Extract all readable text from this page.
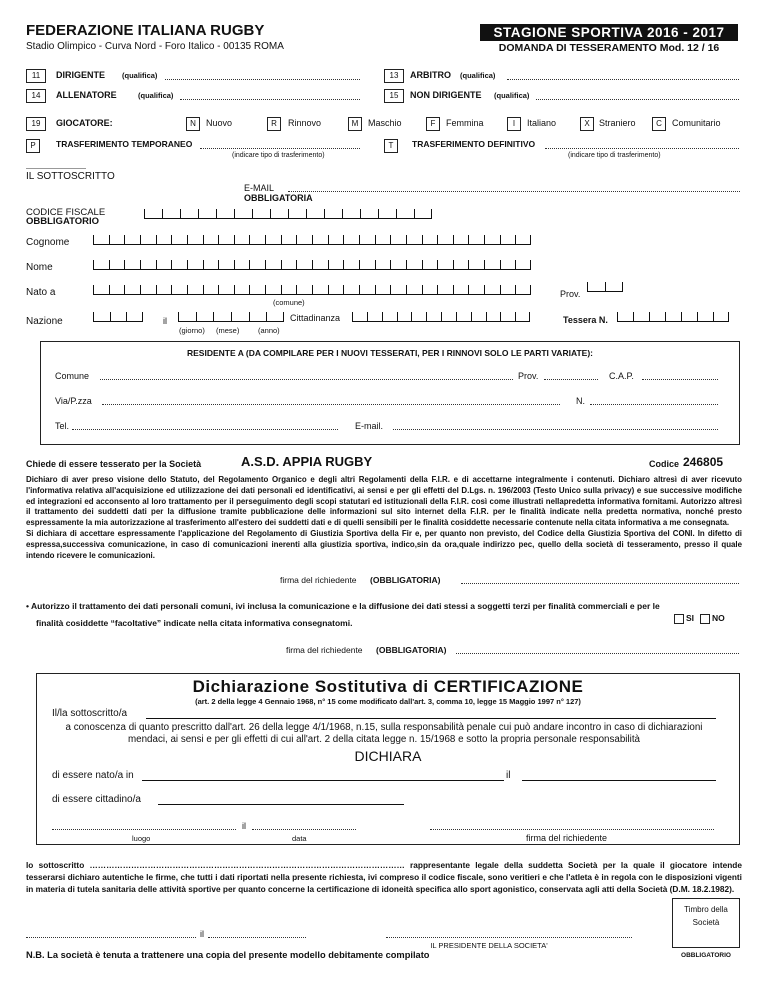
FEDERAZIONE ITALIANA RUGBY
Stadio Olimpico - Curva Nord - Foro Italico - 00135 ROMA
STAGIONE SPORTIVA 2016 - 2017
DOMANDA DI TESSERAMENTO Mod. 12 / 16
11	DIRIGENTE (qualifica)	13	ARBITRO (qualifica)
14	ALLENATORE	(qualifica)	15	NON DIRIGENTE (qualifica)
19	GIOCATORE:	N	Nuovo	R	Rinnovo	M	Maschio	F	Femmina	I	Italiano	X	Straniero	C	Comunitario
P	TRASFERIMENTO TEMPORANEO
(indicare tipo di trasferimento)
T	TRASFERIMENTO DEFINITIVO
(indicare tipo di trasferimento)
IL SOTTOSCRITTO
E-MAIL
OBBLIGATORIA
CODICE FISCALE
OBBLIGATORIO
Cognome
Nome
Nato a	Prov.
(comune)
Nazione	il	Cittadinanza	Tessera N.
(giorno) (mese) (anno)
RESIDENTE A (DA COMPILARE PER I NUOVI TESSERATI, PER I RINNOVI SOLO LE PARTI VARIATE):
Comune	Prov.	C.A.P.
Via/P.zza	N.
Tel.	E-mail.
Chiede di essere tesserato per la Società	A.S.D. APPIA RUGBY	Codice 246805
Dichiaro di aver preso visione dello Statuto, del Regolamento Organico e degli altri Regolamenti della F.I.R. e di accettarne integralmente i contenuti. Dichiaro altresì di aver ricevuto l'informativa relativa all'acquisizione ed utilizzazione dei dati personali ed identificativi, ai sensi e per gli effetti del D.Lgs. n. 196/2003 (Testo Unico sulla privacy) e sue successive modifiche ed integrazioni ed acconsento al loro trattamento per il perseguimento degli scopi statutari ed istituzionali della F.I.R. così come illustrati nellapredetta informativa fornitami. Autorizzo altresì il trattamento dei suddetti dati per la diffusione tramite pubblicazione delle informazioni sul sito internet della F.I.R. per le finalità indicate nella predetta normativa, nonché presto espressamente la mia autorizzazione al trasferimento all'estero dei suddetti dati e di quelli sensibili per le finalità cosiddette necessarie contenute nella citata informativa a me consegnata.
Si dichiara di accettare espressamente l'applicazione del Regolamento di Giustizia Sportiva della Fir e, per quanto non previsto, del Codice della Giustizia Sportiva del CONI. In difetto di espressa,successiva comunicazione, in caso di comunicazioni inerenti alla giustizia sportiva, indico,sin da ora,quale indirizzo pec, quello della società di tesseramento, presso il quale intendo ricevere le comunicazioni.
firma del richiedente (OBBLIGATORIA)
• Autorizzo il trattamento dei dati personali comuni, ivi inclusa la comunicazione e la diffusione dei dati stessi a soggetti terzi per finalità commerciali e per le
finalità cosiddette “facoltative” indicate nella citata informativa consegnatomi.	SI NO
firma del richiedente (OBBLIGATORIA)
Dichiarazione Sostitutiva di CERTIFICAZIONE
(art. 2 della legge 4 Gennaio 1968, n° 15 come modificato dall'art. 3, comma 10, legge 15 Maggio 1997 n° 127)
Il/la sottoscritto/a
a conoscenza di quanto prescritto dall'art. 26 della legge 4/1/1968, n.15, sulla responsabilità penale cui può andare incontro in caso di dichiarazioni mendaci, ai sensi e per gli effetti di cui all'art. 2 della citata legge n. 15/1968 e sotto la propria personale responsabilità
DICHIARA
di essere nato/a in	il
di essere cittadino/a
il
luogo	data	firma del richiedente
lo sottoscritto …………………………………………………………………………………………………… rappresentante legale della suddetta Società per la quale il giocatore intende tesserarsi dichiaro autentiche le firme, che tutti i dati riportati nella presente richiesta, ivi compreso il codice fiscale, sono veritieri e che l'atleta è in regola con le disposizioni vigenti in materia di tutela sanitaria delle attività sportive per quanto concerne la certificazione di idoneità specifica allo sport agonistico, conservata agli atti della Società (D.M. 18.2.1982).
il
IL PRESIDENTE DELLA SOCIETA'
Timbro della Società
OBBLIGATORIO
N.B. La società è tenuta a trattenere una copia del presente modello debitamente compilato
